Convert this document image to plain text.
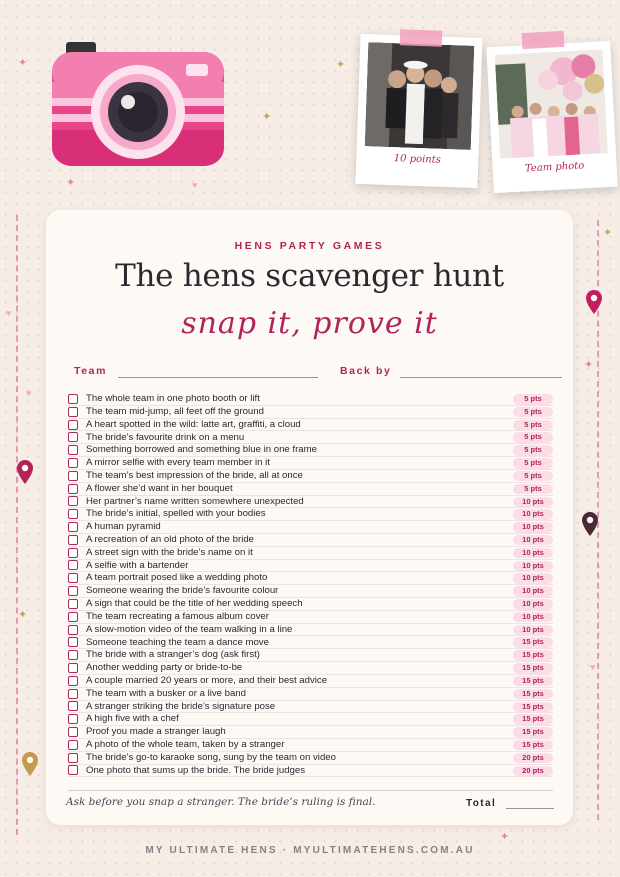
10 points
Team photo
✦
✦
✦
✦
✦
✦
✦
✦
♥
♥
♥
♥
HENS PARTY GAMES
The hens scavenger hunt
snap it, prove it
Team	Back by
The whole team in one photo booth or lift	5 pts
The team mid-jump, all feet off the ground	5 pts
A heart spotted in the wild: latte art, graffiti, a cloud	5 pts
The bride’s favourite drink on a menu	5 pts
Something borrowed and something blue in one frame	5 pts
A mirror selfie with every team member in it	5 pts
The team’s best impression of the bride, all at once	5 pts
A flower she’d want in her bouquet	5 pts
Her partner’s name written somewhere unexpected	10 pts
The bride’s initial, spelled with your bodies	10 pts
A human pyramid	10 pts
A recreation of an old photo of the bride	10 pts
A street sign with the bride’s name on it	10 pts
A selfie with a bartender	10 pts
A team portrait posed like a wedding photo	10 pts
Someone wearing the bride’s favourite colour	10 pts
A sign that could be the title of her wedding speech	10 pts
The team recreating a famous album cover	10 pts
A slow-motion video of the team walking in a line	10 pts
Someone teaching the team a dance move	15 pts
The bride with a stranger’s dog (ask first)	15 pts
Another wedding party or bride-to-be	15 pts
A couple married 20 years or more, and their best advice	15 pts
The team with a busker or a live band	15 pts
A stranger striking the bride’s signature pose	15 pts
A high five with a chef	15 pts
Proof you made a stranger laugh	15 pts
A photo of the whole team, taken by a stranger	15 pts
The bride’s go-to karaoke song, sung by the team on video	20 pts
One photo that sums up the bride. The bride judges	20 pts
Ask before you snap a stranger. The bride’s ruling is final.	Total
MY ULTIMATE HENS · MYULTIMATEHENS.COM.AU
